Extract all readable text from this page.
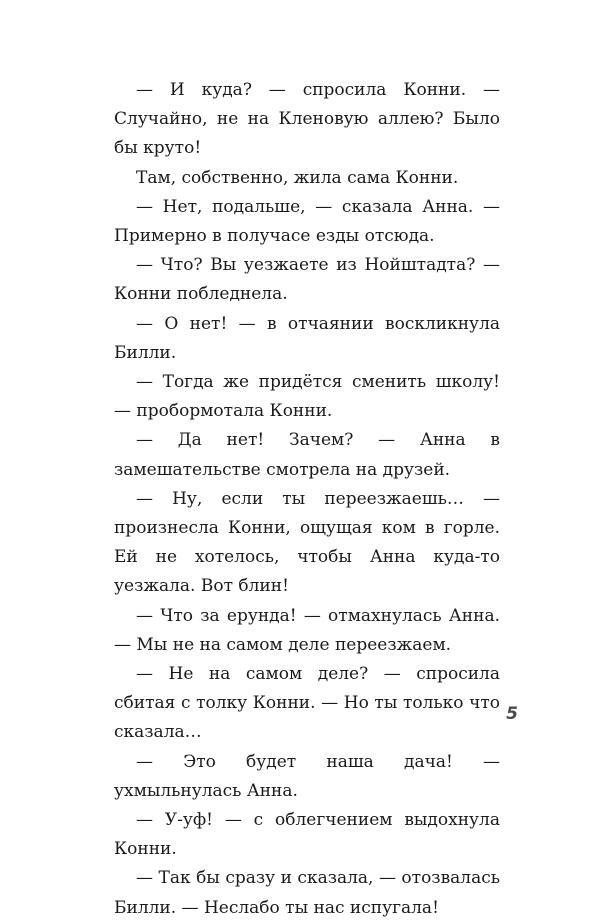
— И куда? — спросила Конни. — Случайно, не на Кленовую аллею? Было бы круто!

Там, собственно, жила сама Конни.

— Нет, подальше, — сказала Анна. — Примерно в получасе езды отсюда.

— Что? Вы уезжаете из Нойштадта? — Конни побледнела.

— О нет! — в отчаянии воскликнула Билли.

— Тогда же придётся сменить школу! — пробормотала Конни.

— Да нет! Зачем? — Анна в замешательстве смотрела на друзей.

— Ну, если ты переезжаешь… — произнесла Конни, ощущая ком в горле. Ей не хотелось, чтобы Анна куда-то уезжала. Вот блин!

— Что за ерунда! — отмахнулась Анна. — Мы не на самом деле переезжаем.

— Не на самом деле? — спросила сбитая с толку Конни. — Но ты только что сказала…

— Это будет наша дача! — ухмыльнулась Анна.

— У-уф! — с облегчением выдохнула Конни.

— Так бы сразу и сказала, — отозвалась Билли. — Неслабо ты нас испугала!

5
